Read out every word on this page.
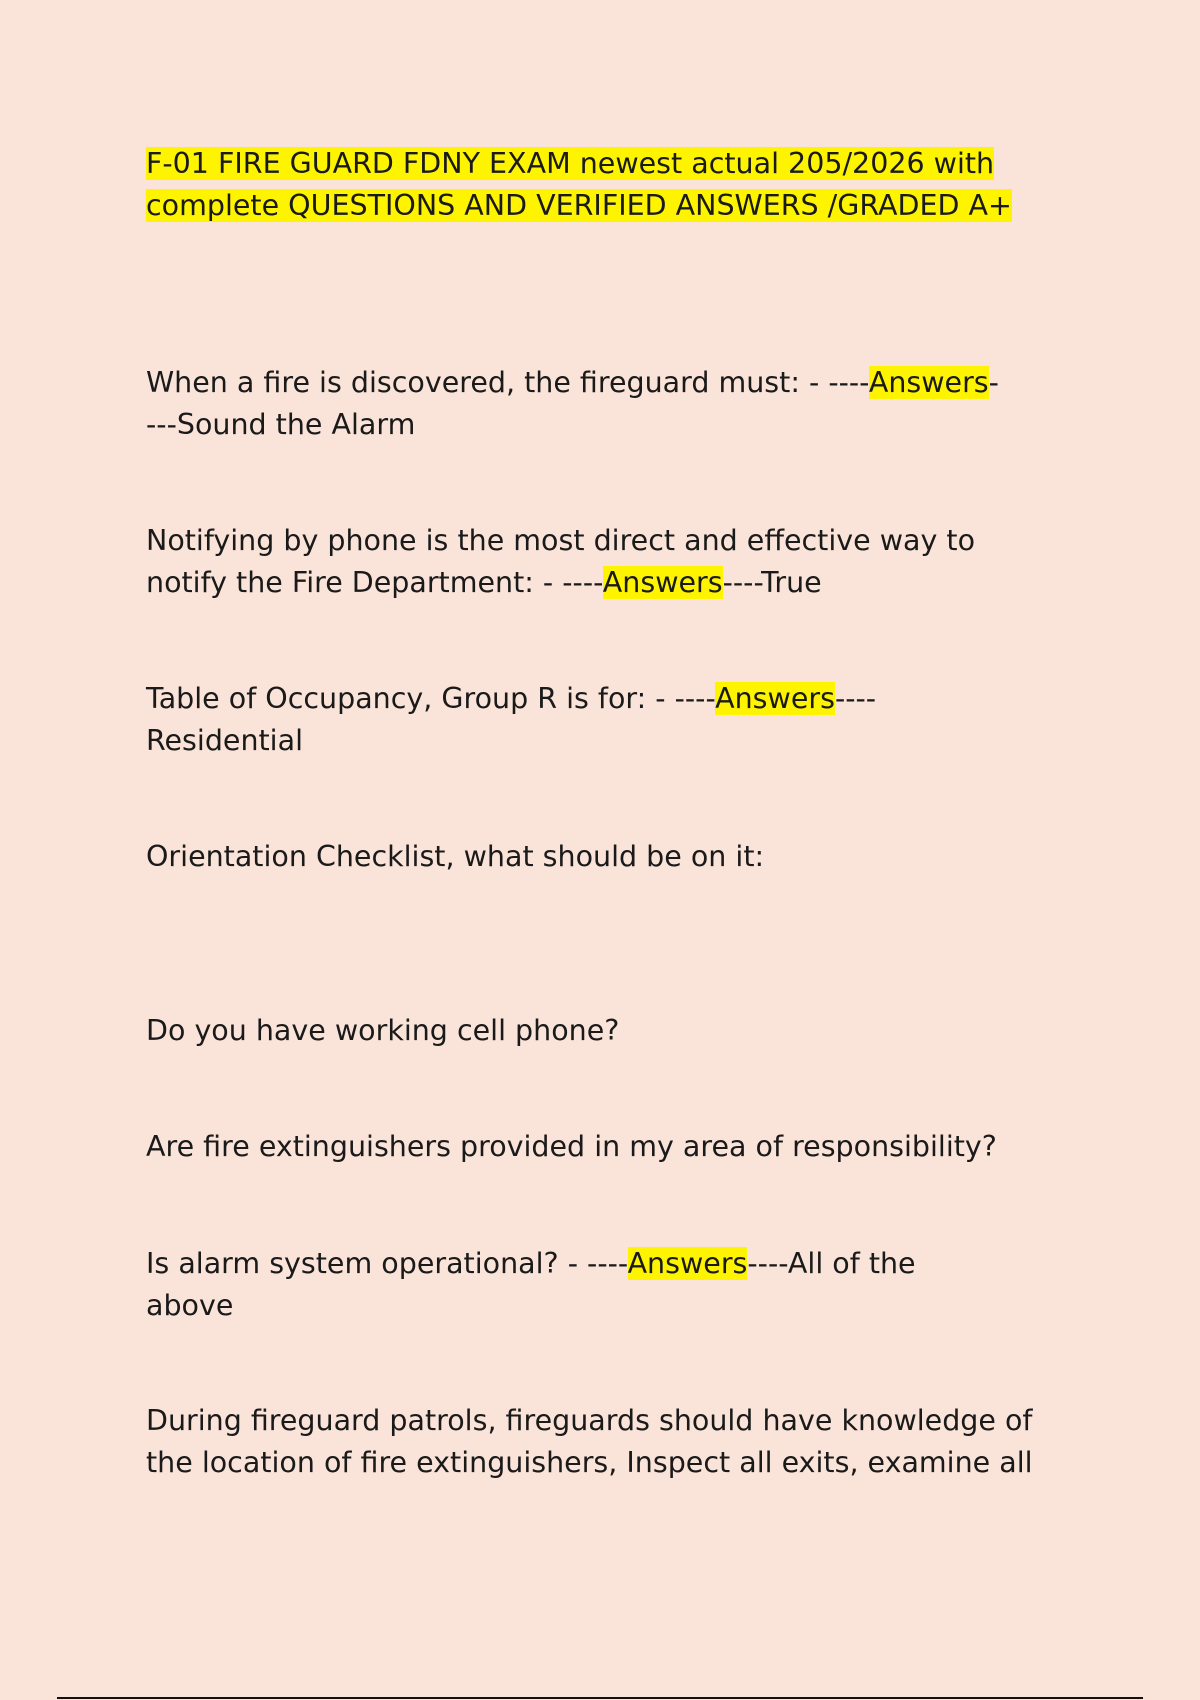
F-01 FIRE GUARD FDNY EXAM newest actual 205/2026 with
complete QUESTIONS AND VERIFIED ANSWERS /GRADED A+

When a fire is discovered, the fireguard must: - ----Answers-
---Sound the Alarm

Notifying by phone is the most direct and effective way to
notify the Fire Department: - ----Answers----True

Table of Occupancy, Group R is for: - ----Answers----
Residential

Orientation Checklist, what should be on it:

Do you have working cell phone?

Are fire extinguishers provided in my area of responsibility?

Is alarm system operational? - ----Answers----All of the
above

During fireguard patrols, fireguards should have knowledge of
the location of fire extinguishers, Inspect all exits, examine all
